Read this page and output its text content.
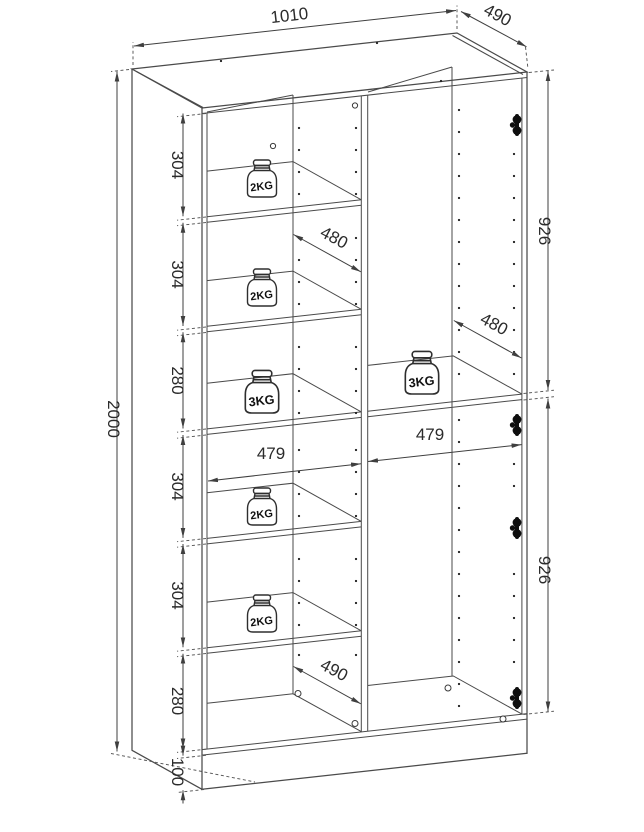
2KG
2KG
3KG
2KG
2KG
3KG
1010	490
2000
304
304
280
304
304
280
100
926
926
479
479
480
480
490
